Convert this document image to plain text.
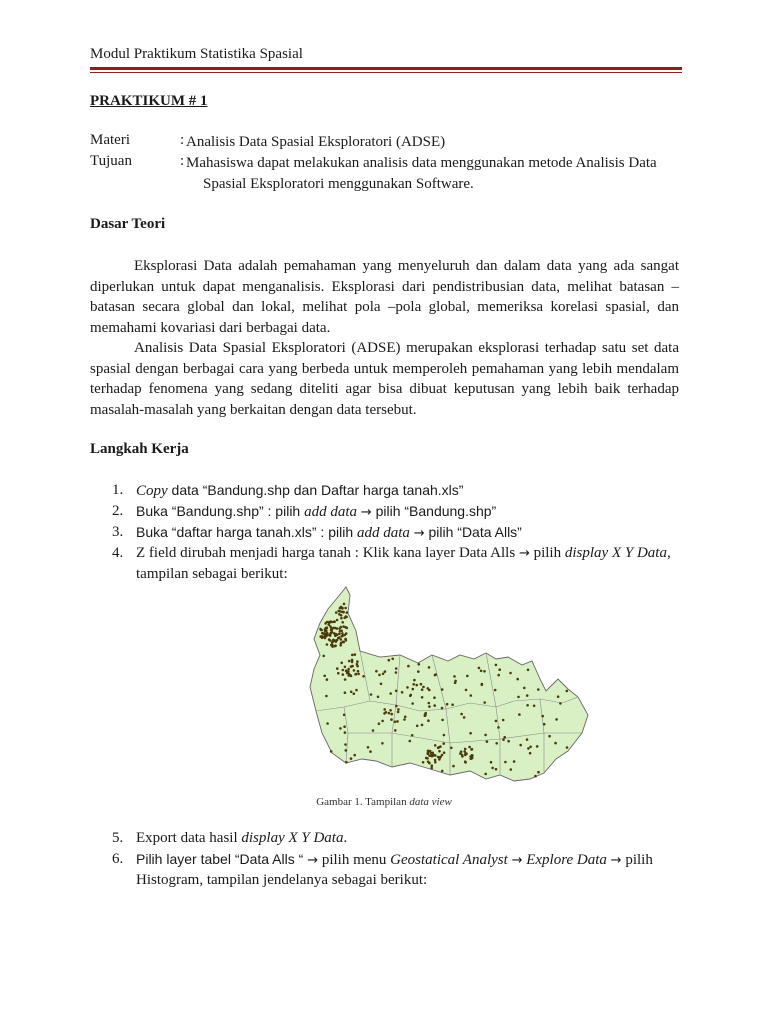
Modul Praktikum Statistika Spasial
PRAKTIKUM # 1
Materi	: Analisis Data Spasial Eksploratori (ADSE)
Tujuan	: Mahasiswa dapat melakukan analisis data menggunakan metode Analisis Data
Spasial Eksploratori menggunakan Software.
Dasar Teori

Eksplorasi Data adalah pemahaman yang menyeluruh dan dalam data yang ada sangat diperlukan untuk dapat menganalisis. Eksplorasi dari pendistribusian data, melihat batasan – batasan secara global dan lokal, melihat pola –pola global, memeriksa korelasi spasial, dan memahami kovariasi dari berbagai data.

Analisis Data Spasial Eksploratori (ADSE) merupakan eksplorasi terhadap satu set data spasial dengan berbagai cara yang berbeda untuk memperoleh pemahaman yang lebih mendalam terhadap fenomena yang sedang diteliti agar bisa dibuat keputusan yang lebih baik terhadap masalah-masalah yang berkaitan dengan data tersebut.

Langkah Kerja
1. Copy data “Bandung.shp dan Daftar harga tanah.xls”
2. Buka “Bandung.shp” : pilih add data → pilih “Bandung.shp”
3. Buka “daftar harga tanah.xls” : pilih add data → pilih “Data Alls”
4. Z field dirubah menjadi harga tanah : Klik kana layer Data Alls → pilih display X Y Data,
tampilan sebagai berikut:
Gambar 1. Tampilan data view
5. Export data hasil display X Y Data.
6. Pilih layer tabel “Data Alls “ → pilih menu Geostatical Analyst → Explore Data → pilih
Histogram, tampilan jendelanya sebagai berikut:
